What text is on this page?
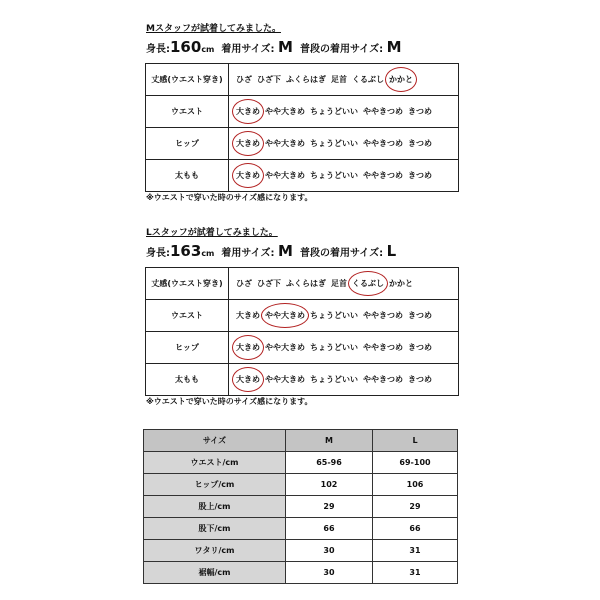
Mスタッフが試着してみました。
身長:160cm 着用サイズ: M 普段の着用サイズ: M
丈感(ウエスト穿き)	ひざ ひざ下 ふくらはぎ 足首 くるぶし かかと
ウエスト	大きめ やや大きめ ちょうどいい ややきつめ きつめ
ヒップ	大きめ やや大きめ ちょうどいい ややきつめ きつめ
太もも	大きめ やや大きめ ちょうどいい ややきつめ きつめ
※ウエストで穿いた時のサイズ感になります。
Lスタッフが試着してみました。
身長:163cm 着用サイズ: M 普段の着用サイズ: L
丈感(ウエスト穿き)	ひざ ひざ下 ふくらはぎ 足首 くるぶし かかと
ウエスト	大きめ やや大きめ ちょうどいい ややきつめ きつめ
ヒップ	大きめ やや大きめ ちょうどいい ややきつめ きつめ
太もも	大きめ やや大きめ ちょうどいい ややきつめ きつめ
※ウエストで穿いた時のサイズ感になります。
サイズ	M	L
ウエスト/cm	65-96	69-100
ヒップ/cm	102	106
股上/cm	29	29
股下/cm	66	66
ワタリ/cm	30	31
裾幅/cm	30	31
